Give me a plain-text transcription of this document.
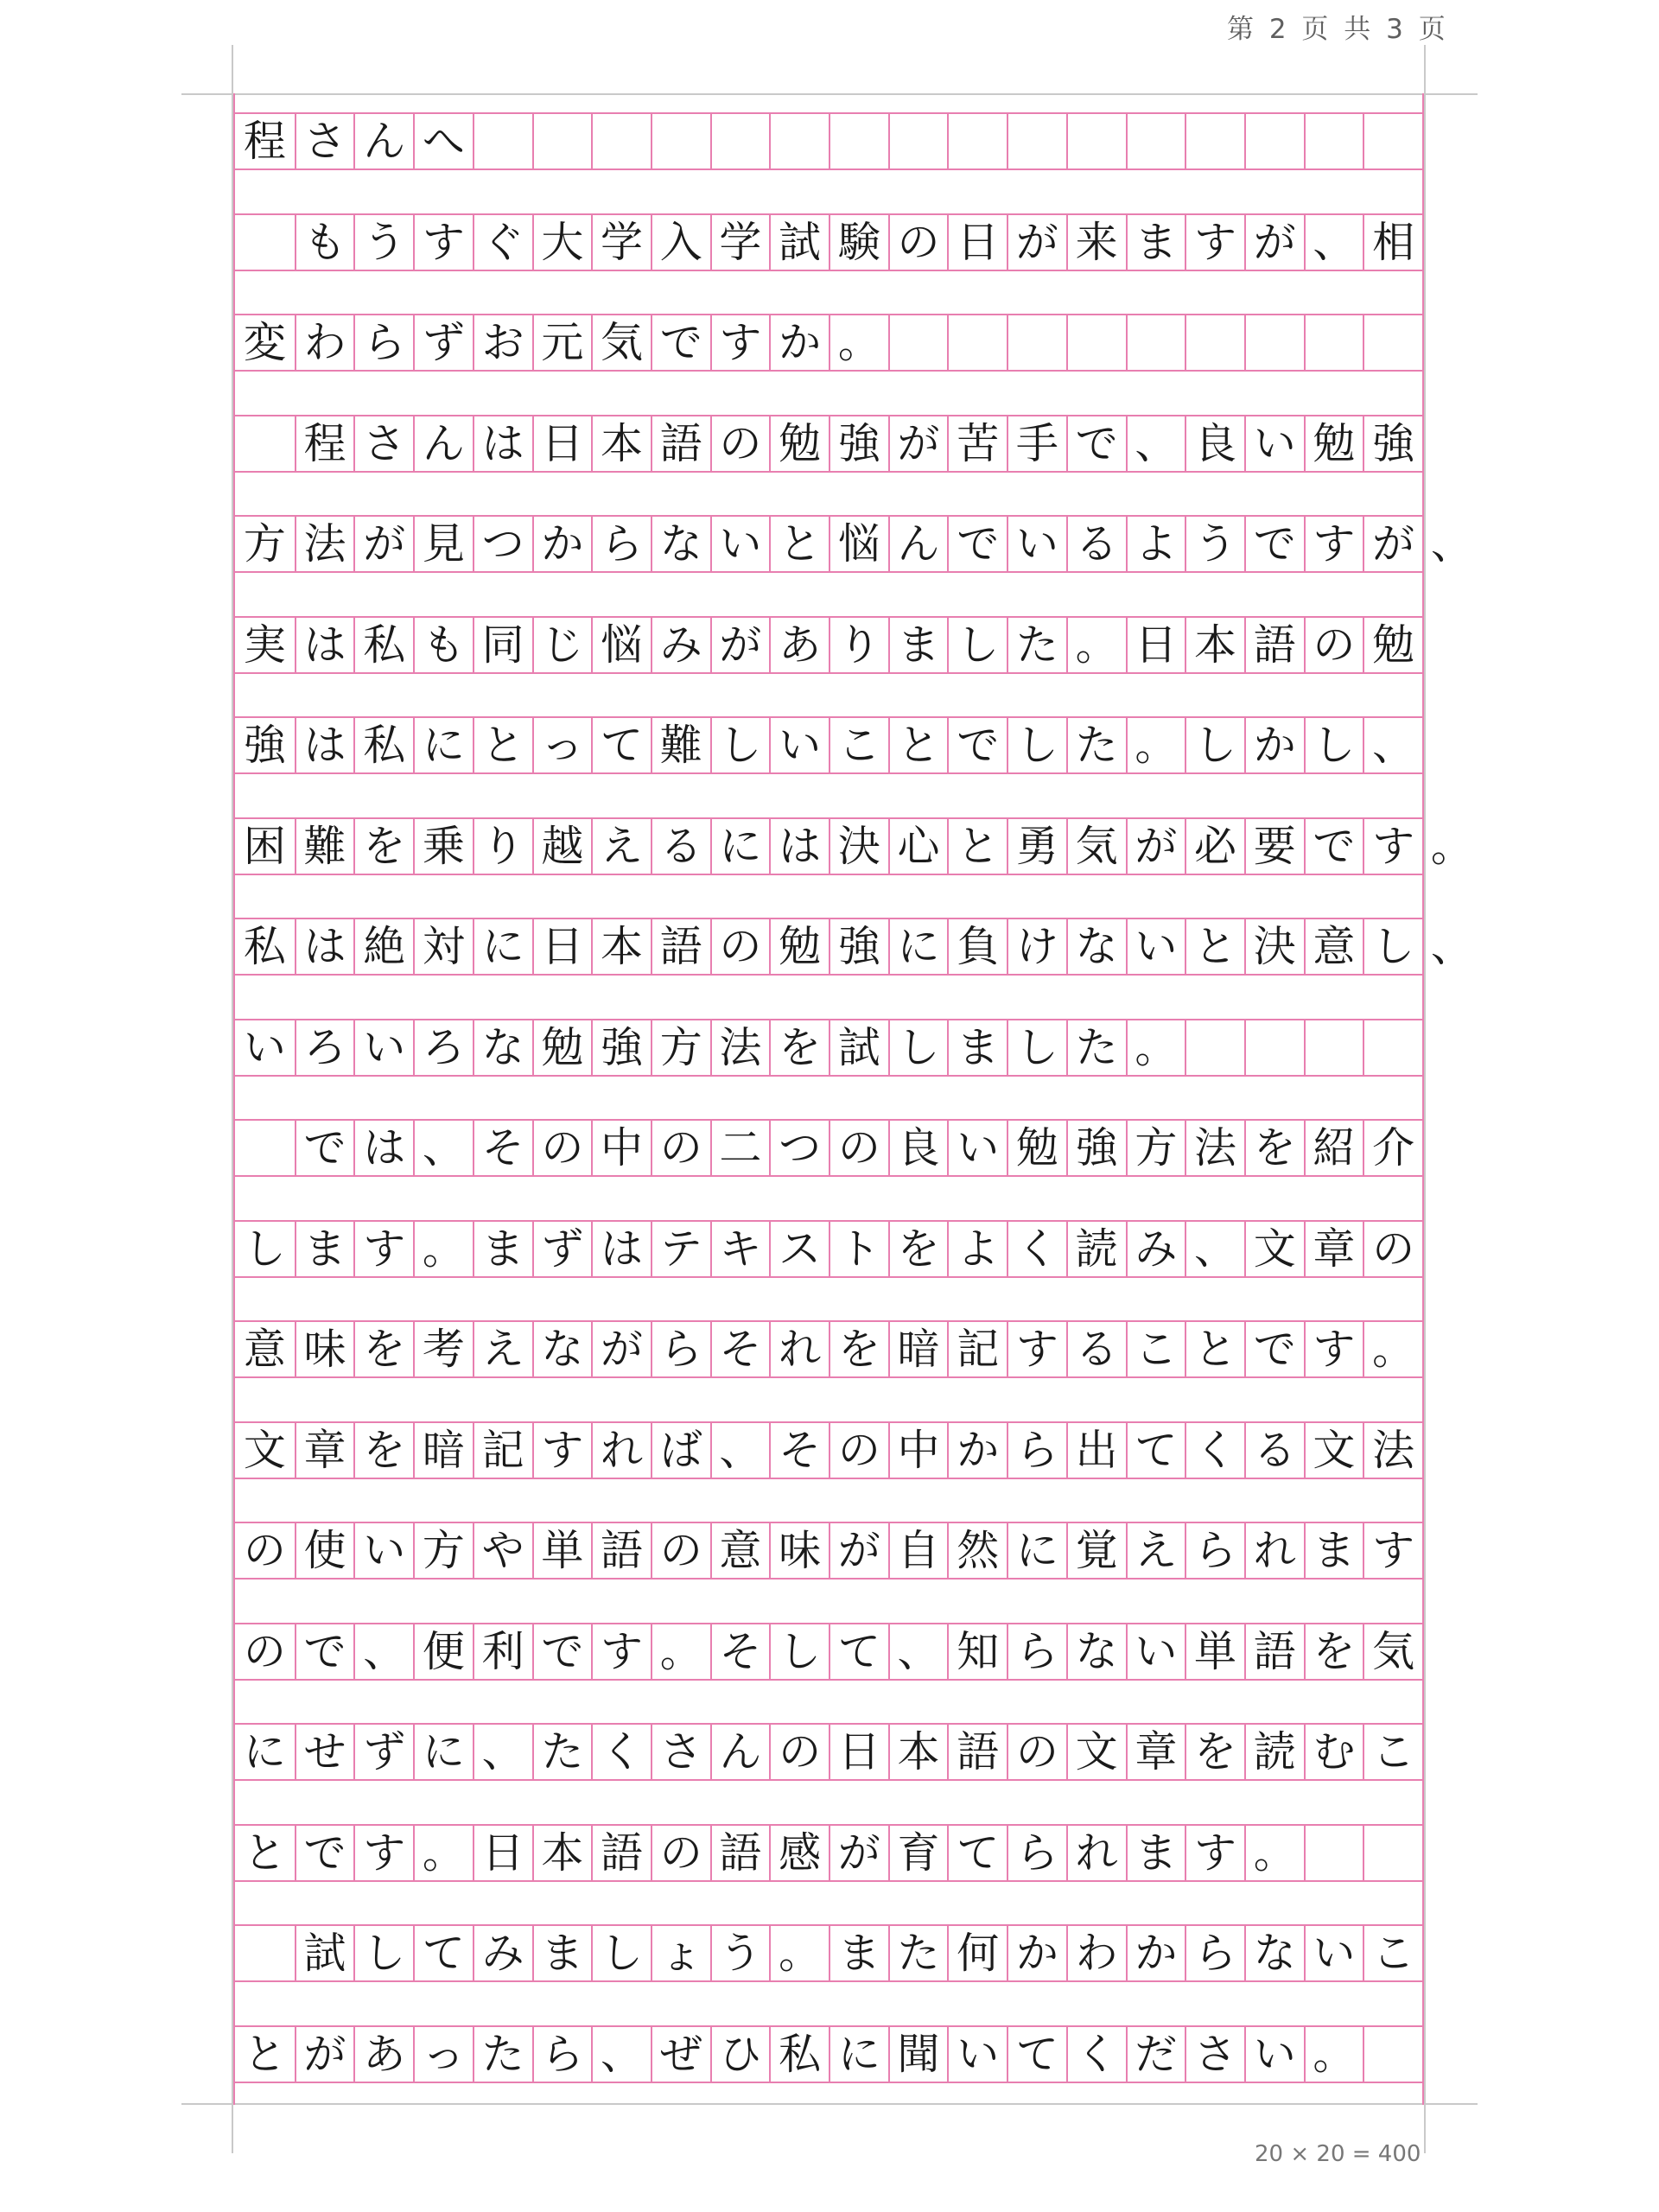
第 2 页 共 3 页
程 さ ん へ
も う す ぐ 大 学 入 学 試 験 の 日 が 来 ま す が 、 相
変 わ ら ず お 元 気 で す か 。
程 さ ん は 日 本 語 の 勉 強 が 苦 手 で 、 良 い 勉 強
方 法 が 見 つ か ら な い と 悩 ん で い る よ う で す が 、
実 は 私 も 同 じ 悩 み が あ り ま し た 。 日 本 語 の 勉
強 は 私 に と っ て 難 し い こ と で し た 。 し か し 、
困 難 を 乗 り 越 え る に は 決 心 と 勇 気 が 必 要 で す 。
私 は 絶 対 に 日 本 語 の 勉 強 に 負 け な い と 決 意 し 、
い ろ い ろ な 勉 強 方 法 を 試 し ま し た 。
で は 、 そ の 中 の 二 つ の 良 い 勉 強 方 法 を 紹 介
し ま す 。 ま ず は テ キ ス ト を よ く 読 み 、 文 章 の
意 味 を 考 え な が ら そ れ を 暗 記 す る こ と で す 。
文 章 を 暗 記 す れ ば 、 そ の 中 か ら 出 て く る 文 法
の 使 い 方 や 単 語 の 意 味 が 自 然 に 覚 え ら れ ま す
の で 、 便 利 で す 。 そ し て 、 知 ら な い 単 語 を 気
に せ ず に 、 た く さ ん の 日 本 語 の 文 章 を 読 む こ
と で す 。 日 本 語 の 語 感 が 育 て ら れ ま す 。
試 し て み ま し ょ う 。 ま た 何 か わ か ら な い こ
と が あ っ た ら 、 ぜ ひ 私 に 聞 い て く だ さ い 。
20 × 20 = 400
